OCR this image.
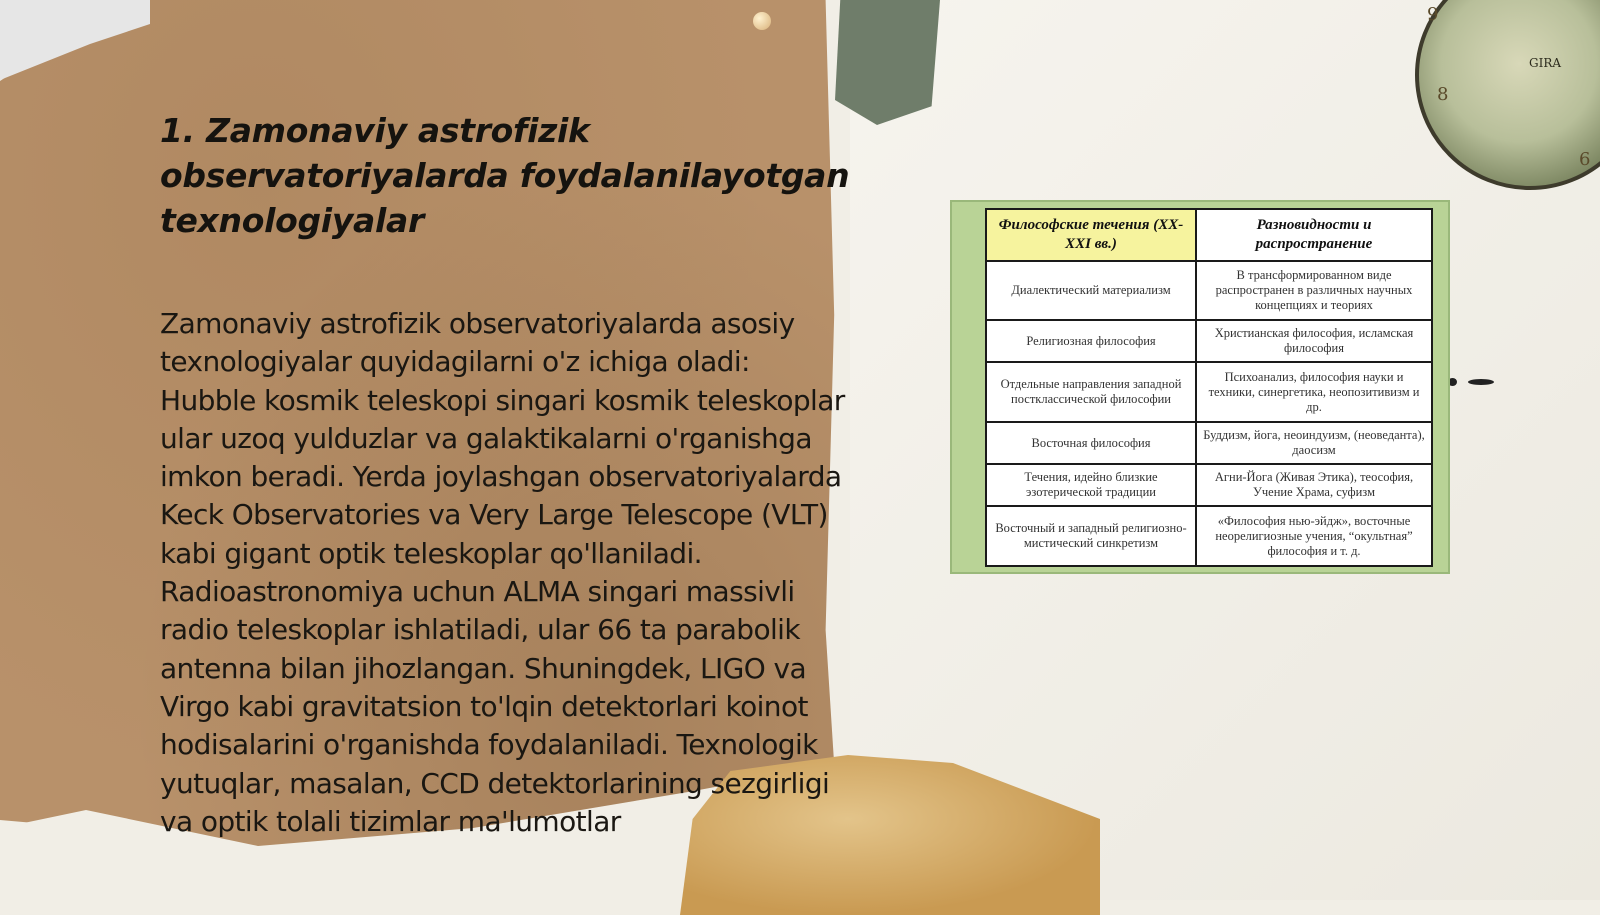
9
8
6
GIRA
1. Zamonaviy astrofizik observatoriyalarda foydalanilayotgan texnologiyalar

Zamonaviy astrofizik observatoriyalarda asosiy texnologiyalar quyidagilarni o'z ichiga oladi: Hubble kosmik teleskopi singari kosmik teleskoplar ular uzoq yulduzlar va galaktikalarni o'rganishga imkon beradi. Yerda joylashgan observatoriyalarda Keck Observatories va Very Large Telescope (VLT) kabi gigant optik teleskoplar qo'llaniladi. Radioastronomiya uchun ALMA singari massivli radio teleskoplar ishlatiladi, ular 66 ta parabolik antenna bilan jihozlangan. Shuningdek, LIGO va Virgo kabi gravitatsion to'lqin detektorlari koinot hodisalarini o'rganishda foydalaniladi. Texnologik yutuqlar, masalan, CCD detektorlarining sezgirligi va optik tolali tizimlar ma'lumotlar

Философские течения (XX-XXI вв.)	Разновидности и распространение
Диалектический материализм	В трансформированном виде распространен в различных научных концепциях и теориях
Религиозная философия	Христианская философия, исламская философия
Отдельные направления западной постклассической философии	Психоанализ, философия науки и техники, синергетика, неопозитивизм и др.
Восточная философия	Буддизм, йога, неоиндуизм, (неоведанта), даосизм
Течения, идейно близкие эзотерической традиции	Агни-Йога (Живая Этика), теософия, Учение Храма, суфизм
Восточный и западный религиозно-мистический синкретизм	«Философия нью-эйдж», восточные неорелигиозные учения, “окультная” философия и т. д.
